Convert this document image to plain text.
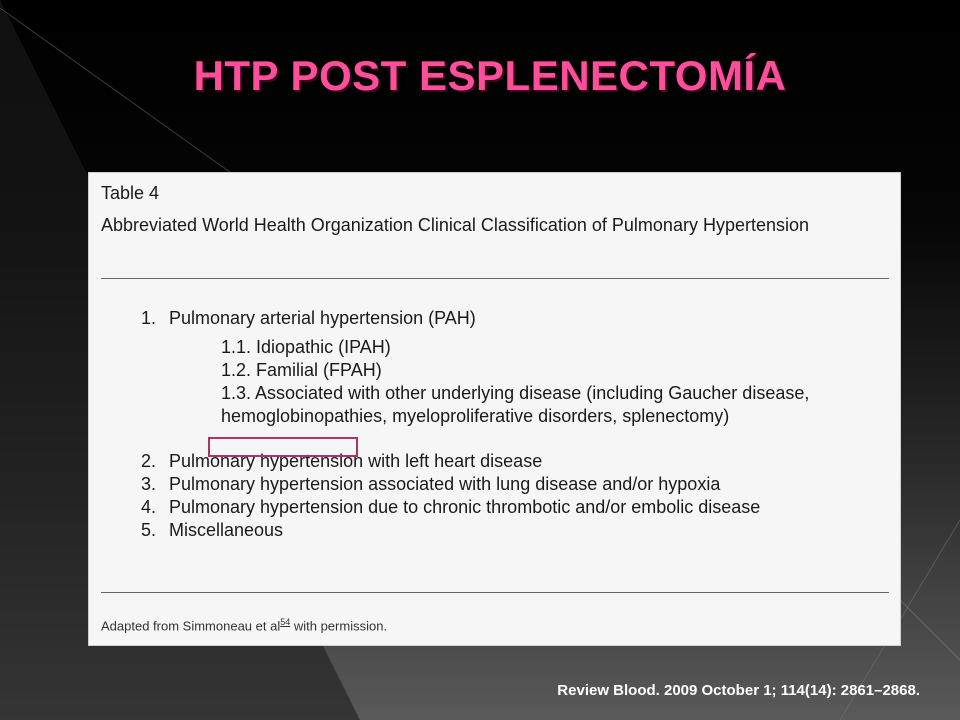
HTP POST ESPLENECTOMÍA
Table 4
Abbreviated World Health Organization Clinical Classification of Pulmonary Hypertension
1. Pulmonary arterial hypertension (PAH)
1.1. Idiopathic (IPAH)
1.2. Familial (FPAH)
1.3. Associated with other underlying disease (including Gaucher disease, hemoglobinopathies, myeloproliferative disorders, splenectomy)
2. Pulmonary hypertension with left heart disease
3. Pulmonary hypertension associated with lung disease and/or hypoxia
4. Pulmonary hypertension due to chronic thrombotic and/or embolic disease
5. Miscellaneous
Adapted from Simmoneau et al$^{54}$ with permission.
Review Blood. 2009 October 1; 114(14): 2861–2868.
